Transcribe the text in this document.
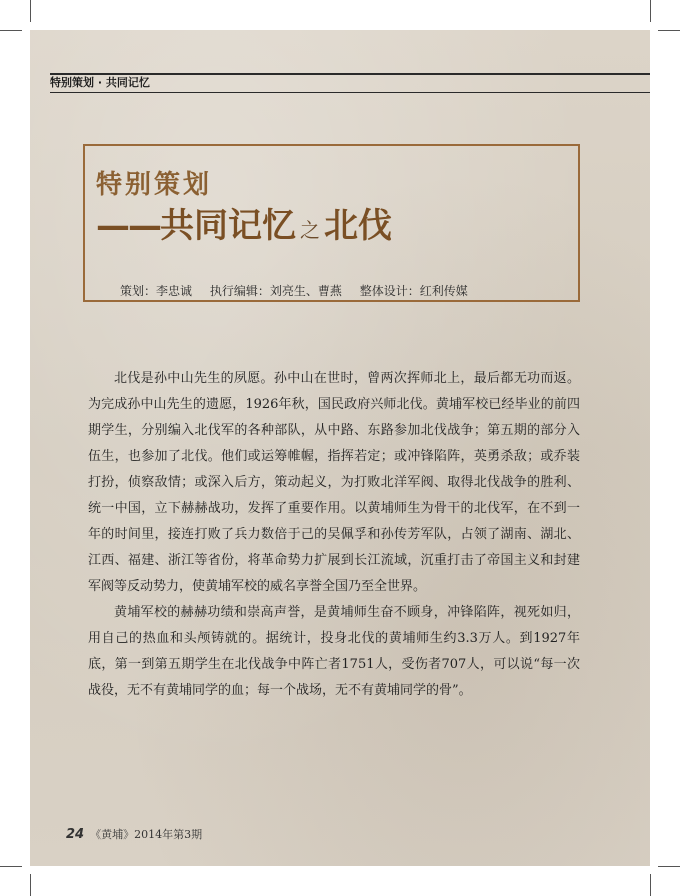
特别策划 · 共同记忆
特别策划
——共同记忆 之 北伐
策划：李忠诚 执行编辑：刘亮生、曹燕 整体设计：红利传媒

北伐是孙中山先生的夙愿。孙中山在世时，曾两次挥师北上，最后都无功而返。为完成孙中山先生的遗愿，1926年秋，国民政府兴师北伐。黄埔军校已经毕业的前四期学生，分别编入北伐军的各种部队，从中路、东路参加北伐战争；第五期的部分入伍生，也参加了北伐。他们或运筹帷幄，指挥若定；或冲锋陷阵，英勇杀敌；或乔装打扮，侦察敌情；或深入后方，策动起义，为打败北洋军阀、取得北伐战争的胜利、统一中国，立下赫赫战功，发挥了重要作用。以黄埔师生为骨干的北伐军，在不到一年的时间里，接连打败了兵力数倍于己的吴佩孚和孙传芳军队，占领了湖南、湖北、江西、福建、浙江等省份，将革命势力扩展到长江流域，沉重打击了帝国主义和封建军阀等反动势力，使黄埔军校的威名享誉全国乃至全世界。

黄埔军校的赫赫功绩和崇高声誉，是黄埔师生奋不顾身，冲锋陷阵，视死如归，用自己的热血和头颅铸就的。据统计，投身北伐的黄埔师生约3.3万人。到1927年底，第一到第五期学生在北伐战争中阵亡者1751人，受伤者707人，可以说“每一次战役，无不有黄埔同学的血；每一个战场，无不有黄埔同学的骨”。

24 《黄埔》2014年第3期
